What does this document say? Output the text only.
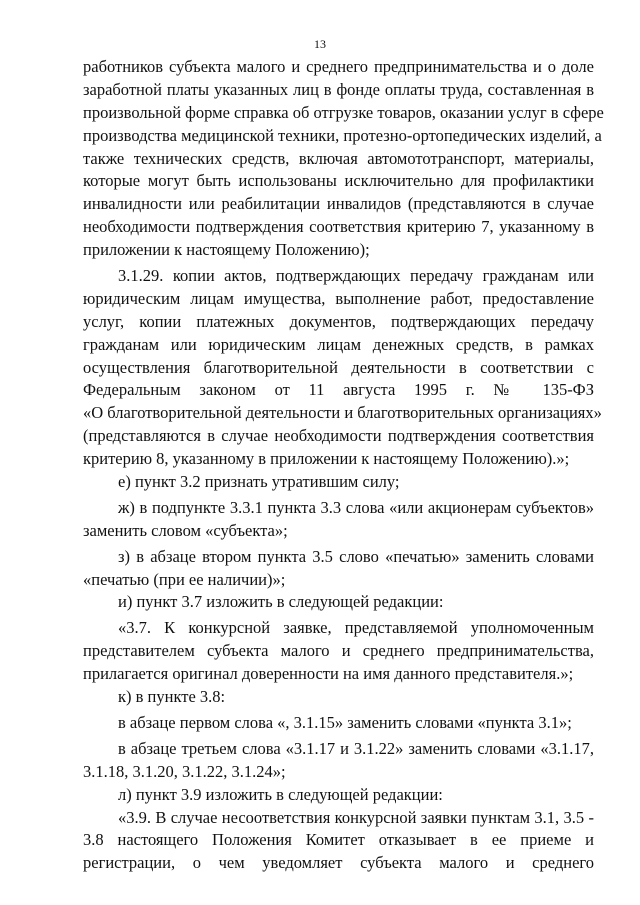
13
работников субъекта малого и среднего предпринимательства и о доле
заработной платы указанных лиц в фонде оплаты труда, составленная в
произвольной форме справка об отгрузке товаров, оказании услуг в сфере
производства медицинской техники, протезно-ортопедических изделий, а
также технических средств, включая автомототранспорт, материалы,
которые могут быть использованы исключительно для профилактики
инвалидности или реабилитации инвалидов (представляются в случае
необходимости подтверждения соответствия критерию 7, указанному в
приложении к настоящему Положению);
3.1.29. копии актов, подтверждающих передачу гражданам или
юридическим лицам имущества, выполнение работ, предоставление
услуг, копии платежных документов, подтверждающих передачу
гражданам или юридическим лицам денежных средств, в рамках
осуществления благотворительной деятельности в соответствии с
Федеральным законом от 11 августа 1995 г. № 135-ФЗ
«О благотворительной деятельности и благотворительных организациях»
(представляются в случае необходимости подтверждения соответствия
критерию 8, указанному в приложении к настоящему Положению).»;
е) пункт 3.2 признать утратившим силу;
ж) в подпункте 3.3.1 пункта 3.3 слова «или акционерам субъектов»
заменить словом «субъекта»;
з) в абзаце втором пункта 3.5 слово «печатью» заменить словами
«печатью (при ее наличии)»;
и) пункт 3.7 изложить в следующей редакции:
«3.7. К конкурсной заявке, представляемой уполномоченным
представителем субъекта малого и среднего предпринимательства,
прилагается оригинал доверенности на имя данного представителя.»;
к) в пункте 3.8:
в абзаце первом слова «, 3.1.15» заменить словами «пункта 3.1»;
в абзаце третьем слова «3.1.17 и 3.1.22» заменить словами «3.1.17,
3.1.18, 3.1.20, 3.1.22, 3.1.24»;
л) пункт 3.9 изложить в следующей редакции:
«3.9. В случае несоответствия конкурсной заявки пунктам 3.1, 3.5 -
3.8 настоящего Положения Комитет отказывает в ее приеме и
регистрации, о чем уведомляет субъекта малого и среднего
